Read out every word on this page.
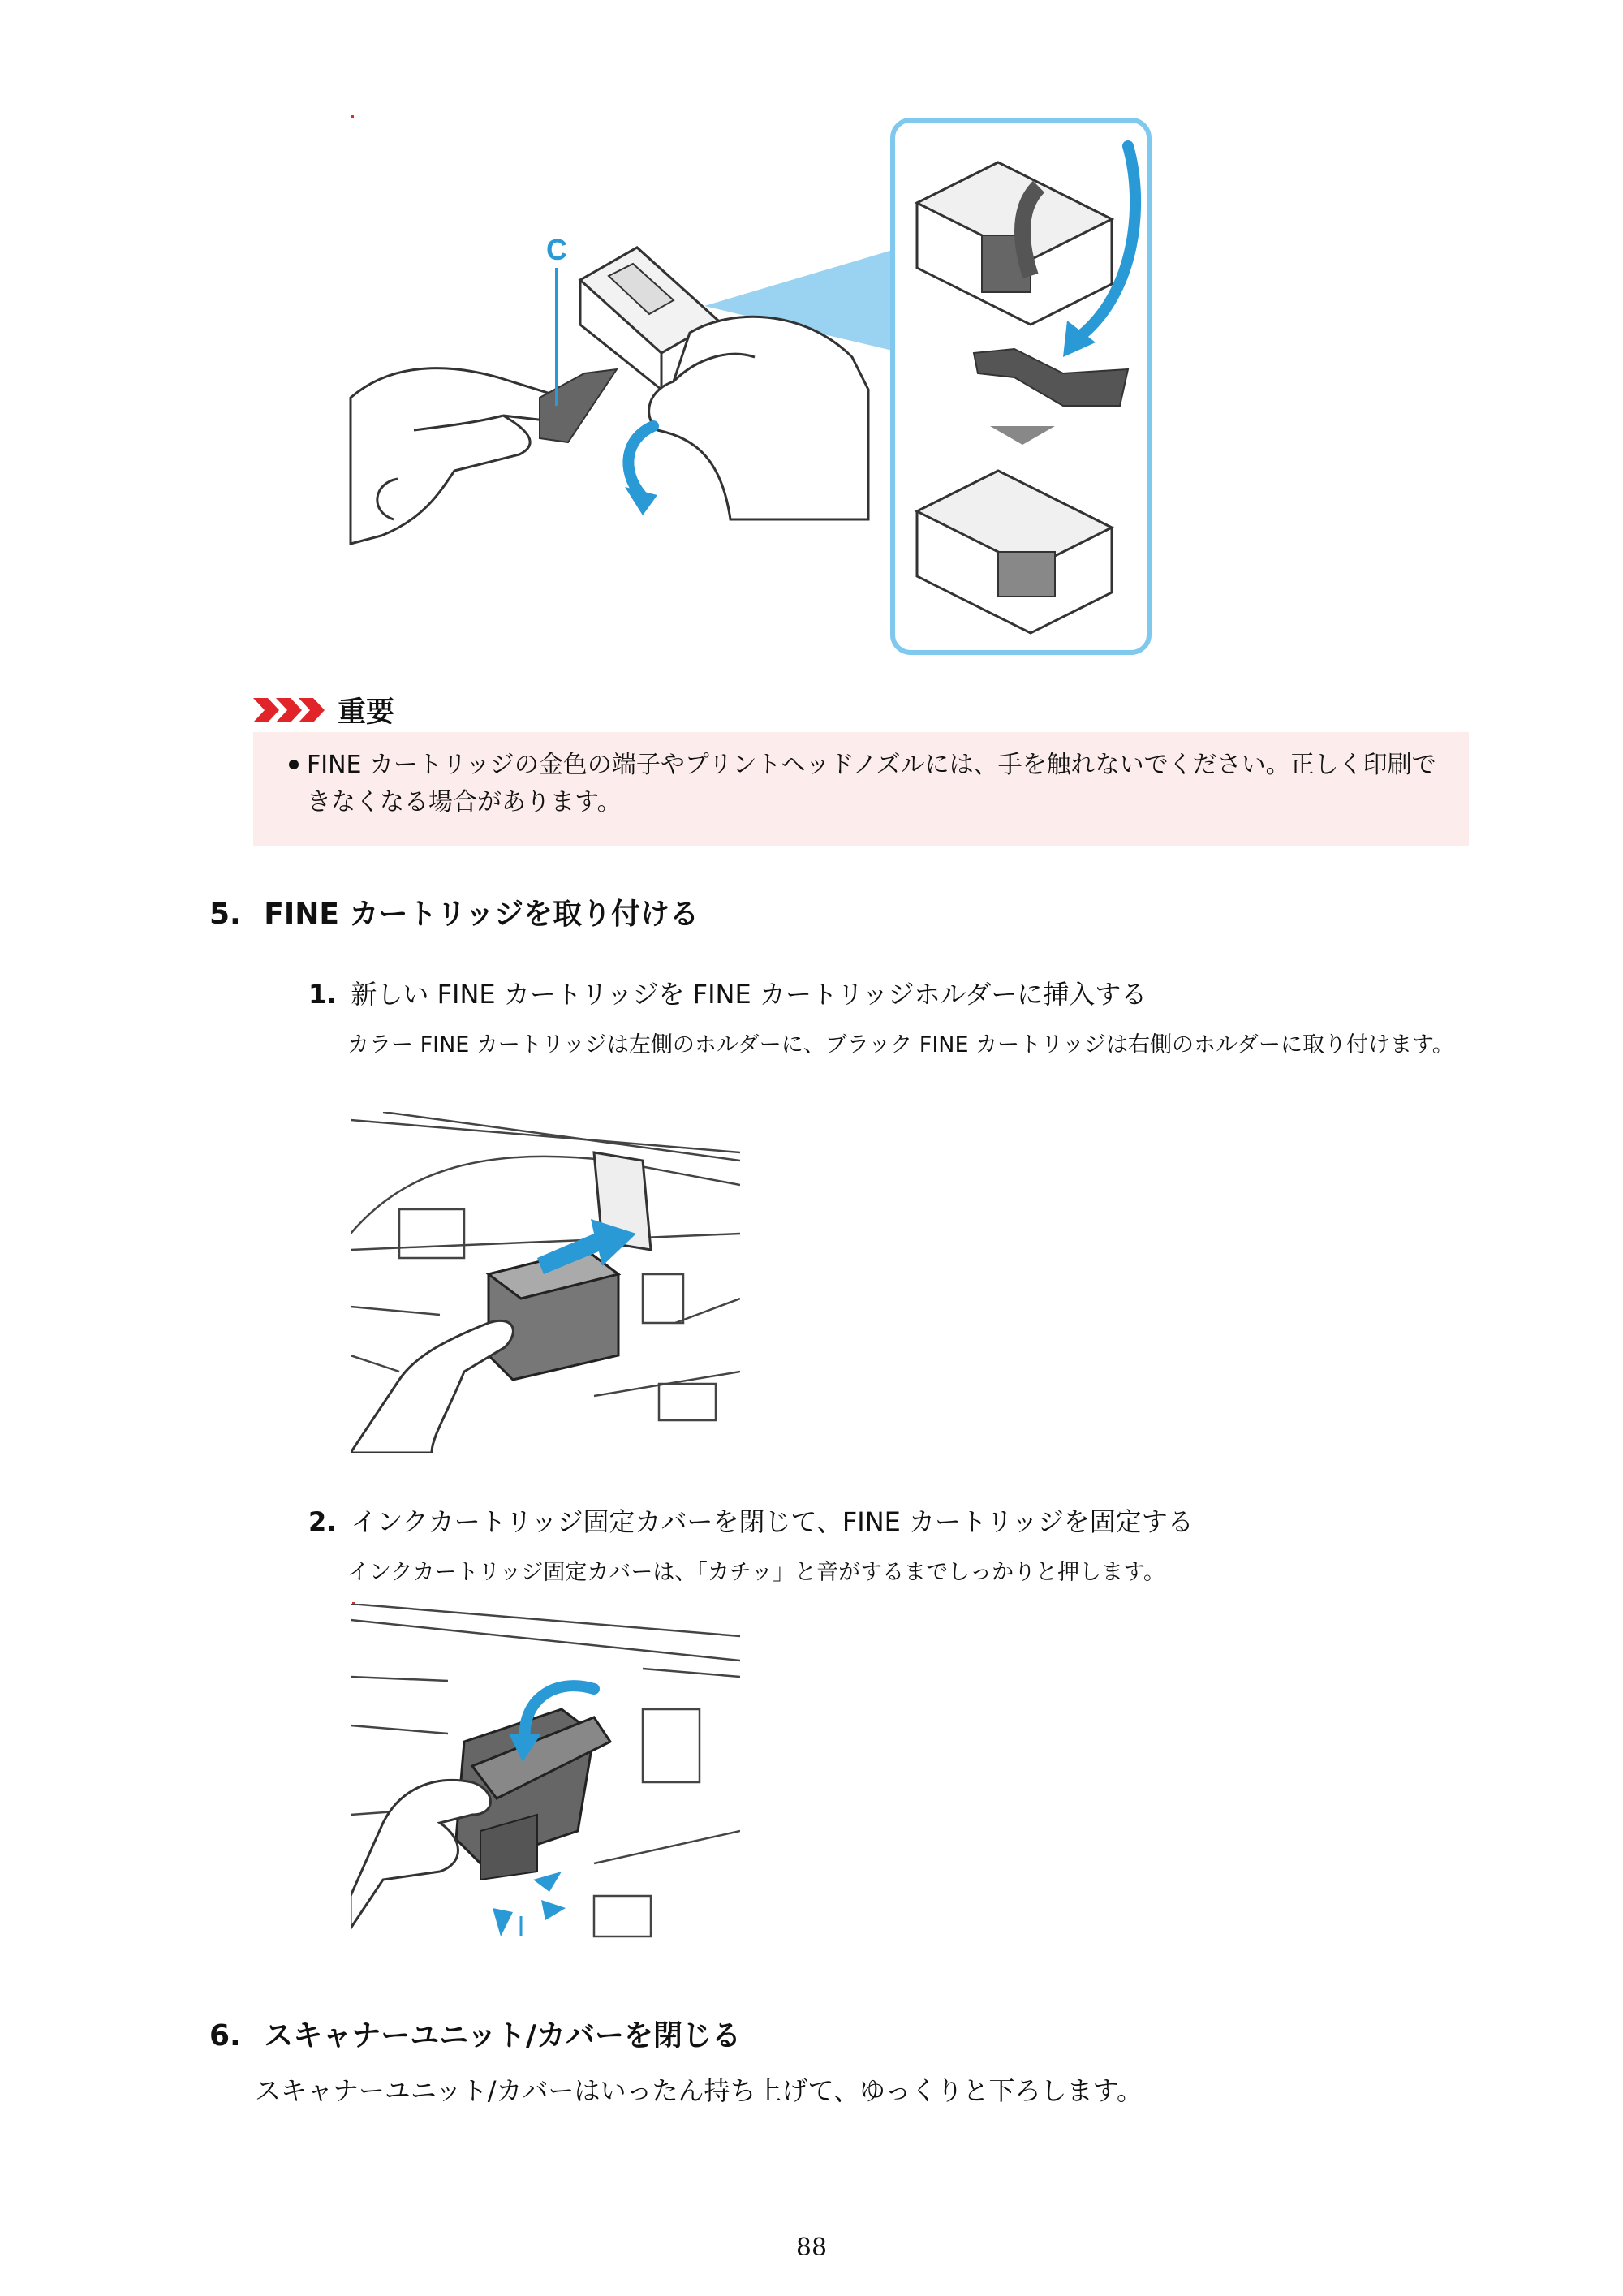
C
重要
FINE カートリッジの金色の端子やプリントヘッドノズルには、手を触れないでください。正しく印刷できなくなる場合があります。
5. FINE カートリッジを取り付ける
1. 新しい FINE カートリッジを FINE カートリッジホルダーに挿入する
カラー FINE カートリッジは左側のホルダーに、ブラック FINE カートリッジは右側のホルダーに取り付けます。
2. インクカートリッジ固定カバーを閉じて、FINE カートリッジを固定する
インクカートリッジ固定カバーは、「カチッ」と音がするまでしっかりと押します。
6. スキャナーユニット/カバーを閉じる
スキャナーユニット/カバーはいったん持ち上げて、ゆっくりと下ろします。
88
